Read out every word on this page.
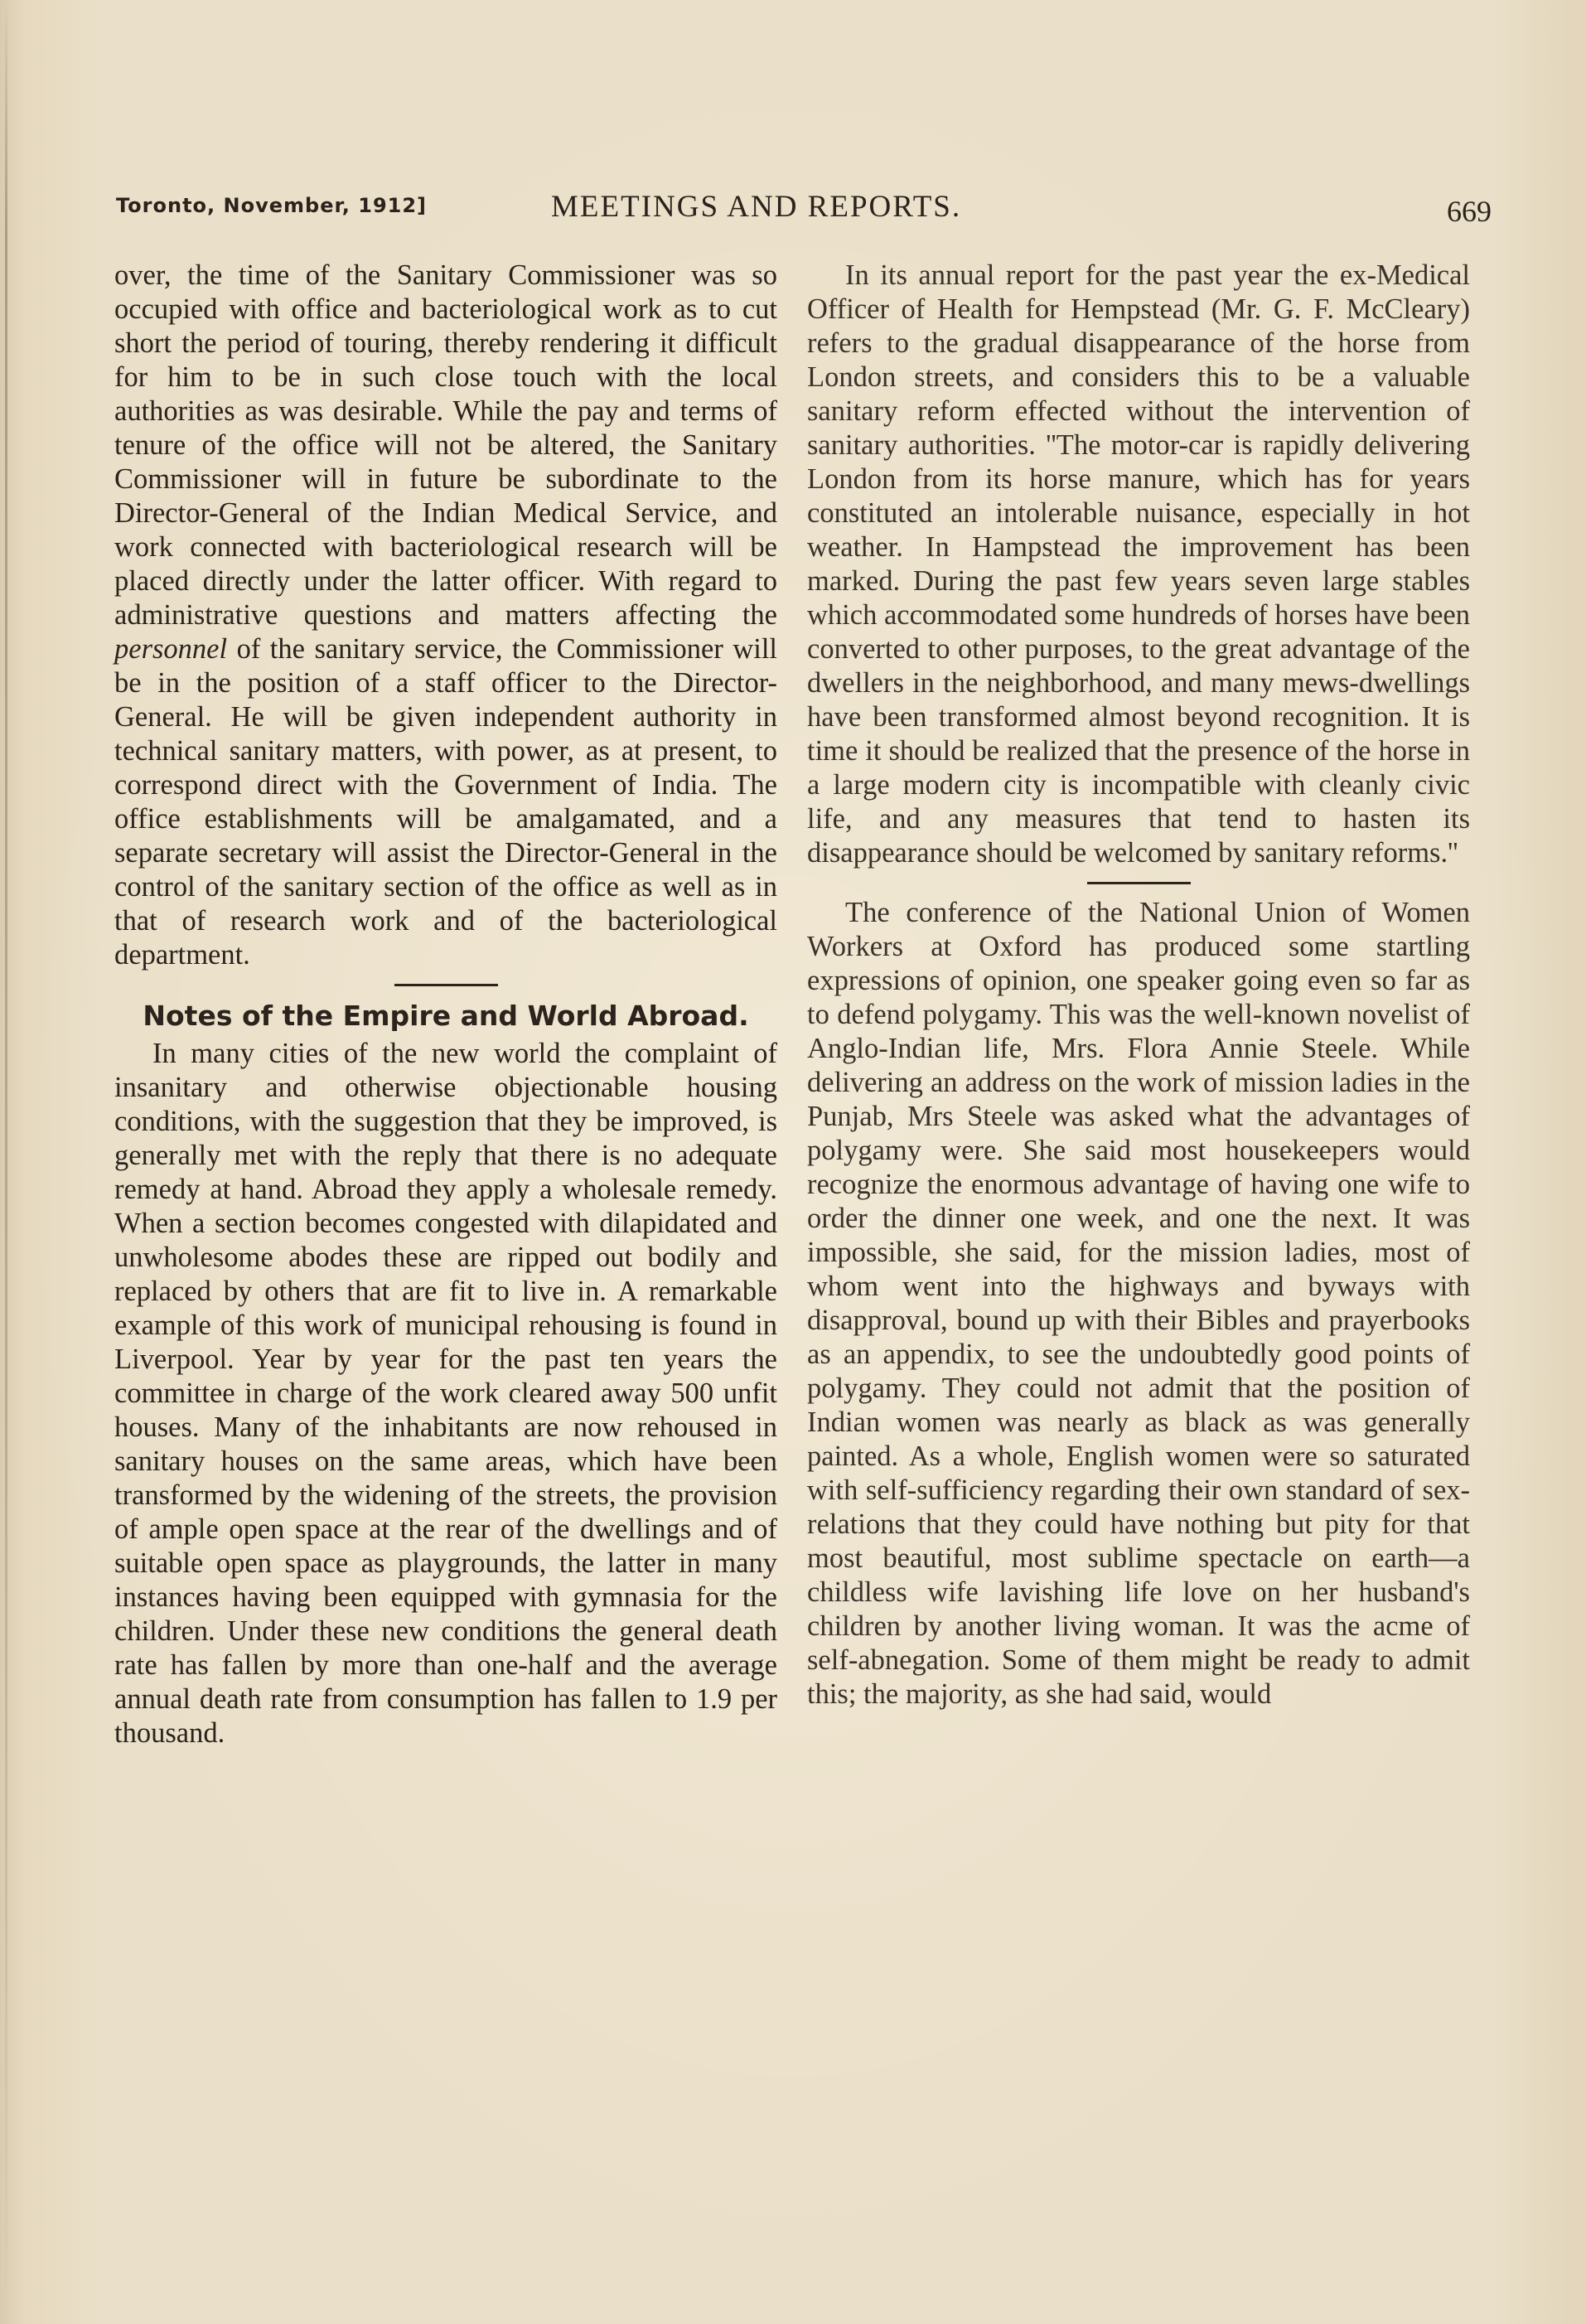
Toronto, November, 1912]	MEETINGS AND REPORTS.	669

over, the time of the Sanitary Commissioner was so occupied with office and bacteriological work as to cut short the period of touring, thereby rendering it difficult for him to be in such close touch with the local authorities as was desirable. While the pay and terms of tenure of the office will not be altered, the Sanitary Commissioner will in future be subordinate to the Director-General of the Indian Medical Service, and work connected with bacteriological research will be placed directly under the latter officer. With regard to administrative questions and matters affecting the personnel of the sanitary service, the Commissioner will be in the position of a staff officer to the Director-General. He will be given independent authority in technical sanitary matters, with power, as at present, to correspond direct with the Government of India. The office establishments will be amalgamated, and a separate secretary will assist the Director-General in the control of the sanitary section of the office as well as in that of research work and of the bacteriological department.

Notes of the Empire and World Abroad.

In many cities of the new world the complaint of insanitary and otherwise objectionable housing conditions, with the suggestion that they be improved, is generally met with the reply that there is no adequate remedy at hand. Abroad they apply a wholesale remedy. When a section becomes congested with dilapidated and unwholesome abodes these are ripped out bodily and replaced by others that are fit to live in. A remarkable example of this work of municipal rehousing is found in Liverpool. Year by year for the past ten years the committee in charge of the work cleared away 500 unfit houses. Many of the inhabitants are now rehoused in sanitary houses on the same areas, which have been transformed by the widening of the streets, the provision of ample open space at the rear of the dwellings and of suitable open space as playgrounds, the latter in many instances having been equipped with gymnasia for the children. Under these new conditions the general death rate has fallen by more than one-half and the average annual death rate from consumption has fallen to 1.9 per thousand.

In its annual report for the past year the ex-Medical Officer of Health for Hempstead (Mr. G. F. McCleary) refers to the gradual disappearance of the horse from London streets, and considers this to be a valuable sanitary reform effected without the intervention of sanitary authorities. ''The motor-car is rapidly delivering London from its horse manure, which has for years constituted an intolerable nuisance, especially in hot weather. In Hampstead the improvement has been marked. During the past few years seven large stables which accommodated some hundreds of horses have been converted to other purposes, to the great advantage of the dwellers in the neighborhood, and many mews-dwellings have been transformed almost beyond recognition. It is time it should be realized that the presence of the horse in a large modern city is incompatible with cleanly civic life, and any measures that tend to hasten its disappearance should be welcomed by sanitary reforms.''

The conference of the National Union of Women Workers at Oxford has produced some startling expressions of opinion, one speaker going even so far as to defend polygamy. This was the well-known novelist of Anglo-Indian life, Mrs. Flora Annie Steele. While delivering an address on the work of mission ladies in the Punjab, Mrs Steele was asked what the advantages of polygamy were. She said most housekeepers would recognize the enormous advantage of having one wife to order the dinner one week, and one the next. It was impossible, she said, for the mission ladies, most of whom went into the highways and byways with disapproval, bound up with their Bibles and prayerbooks as an appendix, to see the undoubtedly good points of polygamy. They could not admit that the position of Indian women was nearly as black as was generally painted. As a whole, English women were so saturated with self-sufficiency regarding their own standard of sex-relations that they could have nothing but pity for that most beautiful, most sublime spectacle on earth—a childless wife lavishing life love on her husband's children by another living woman. It was the acme of self-abnegation. Some of them might be ready to admit this; the majority, as she had said, would
